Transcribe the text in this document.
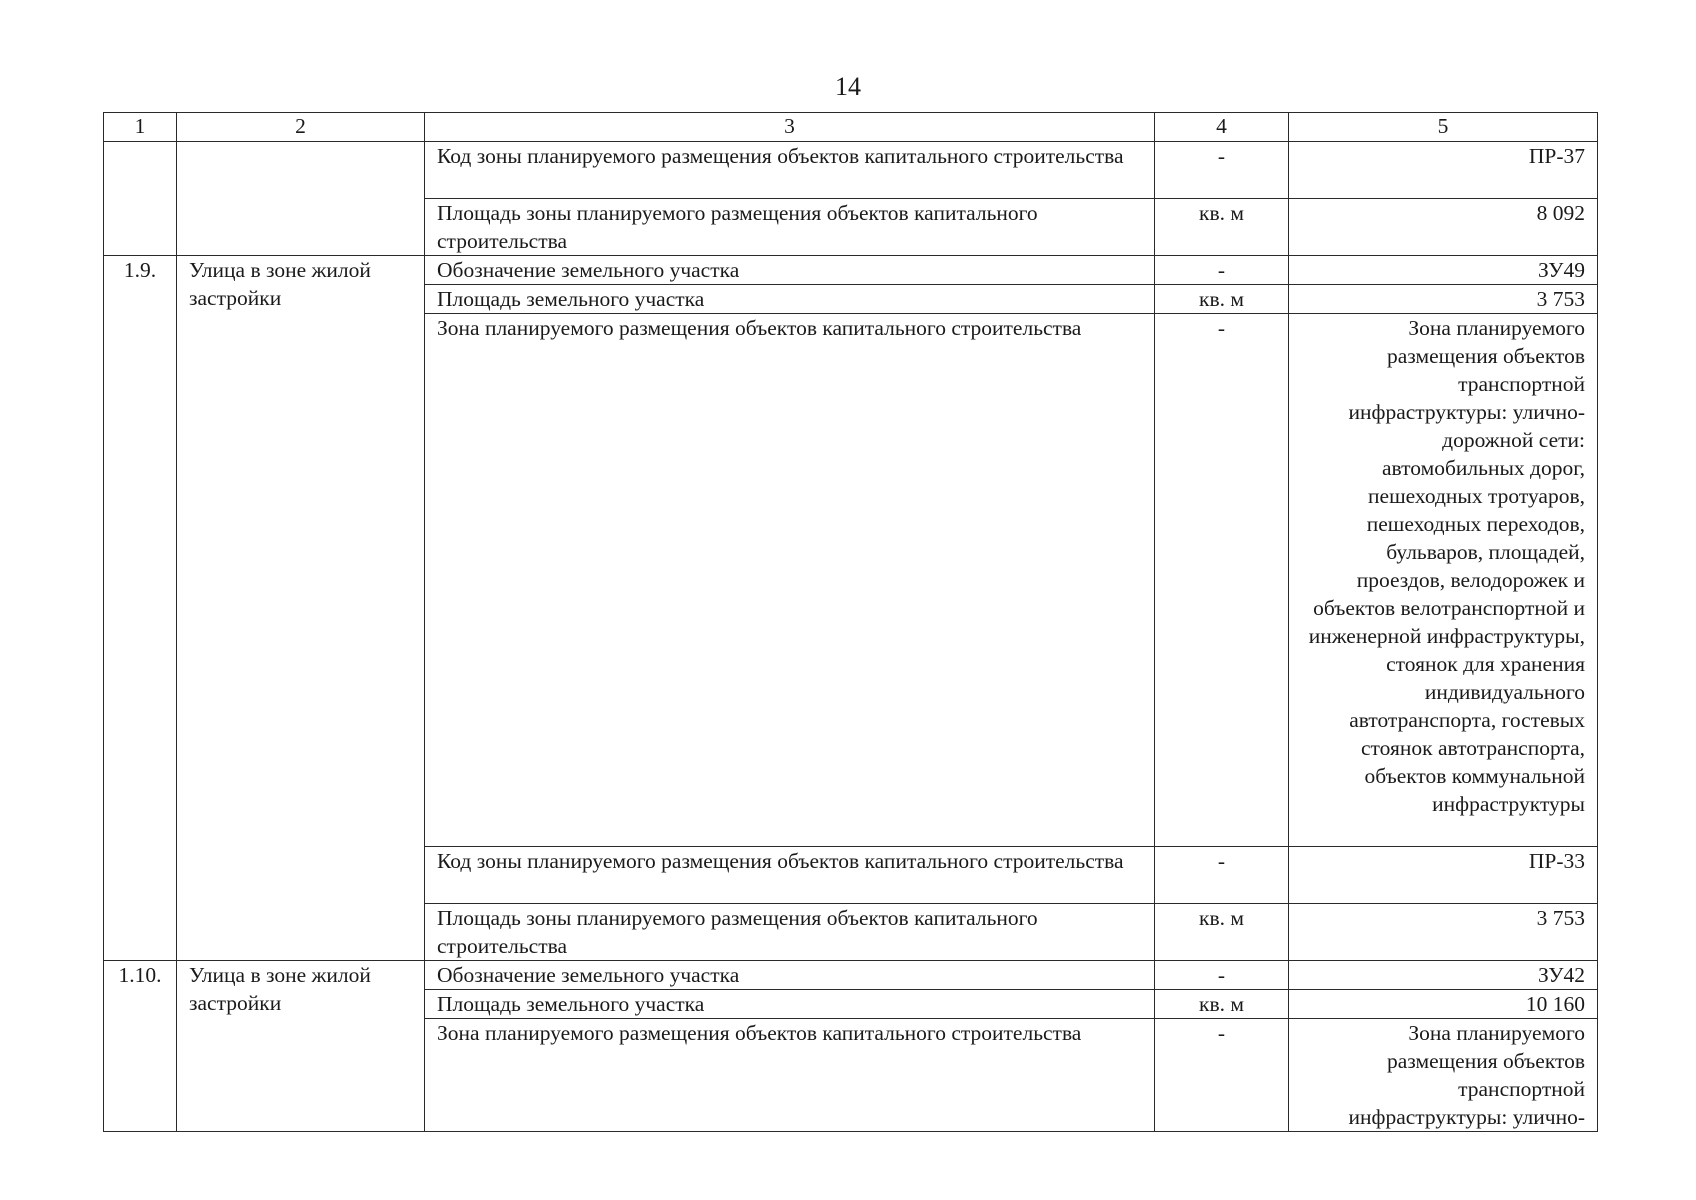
14
1	2	3	4	5
		Код зоны планируемого размещения объектов капитального строительства	-	ПР-37
		Площадь зоны планируемого размещения объектов капитального строительства	кв. м	8 092
1.9.	Улица в зоне жилой застройки	Обозначение земельного участка	-	ЗУ49
		Площадь земельного участка	кв. м	3 753
		Зона планируемого размещения объектов капитального строительства	-	Зона планируемого размещения объектов транспортной инфраструктуры: улично-дорожной сети: автомобильных дорог, пешеходных тротуаров, пешеходных переходов, бульваров, площадей, проездов, велодорожек и объектов велотранспортной и инженерной инфраструктуры, стоянок для хранения индивидуального автотранспорта, гостевых стоянок автотранспорта, объектов коммунальной инфраструктуры
		Код зоны планируемого размещения объектов капитального строительства	-	ПР-33
		Площадь зоны планируемого размещения объектов капитального строительства	кв. м	3 753
1.10.	Улица в зоне жилой застройки	Обозначение земельного участка	-	ЗУ42
		Площадь земельного участка	кв. м	10 160
		Зона планируемого размещения объектов капитального строительства	-	Зона планируемого размещения объектов транспортной инфраструктуры: улично-
